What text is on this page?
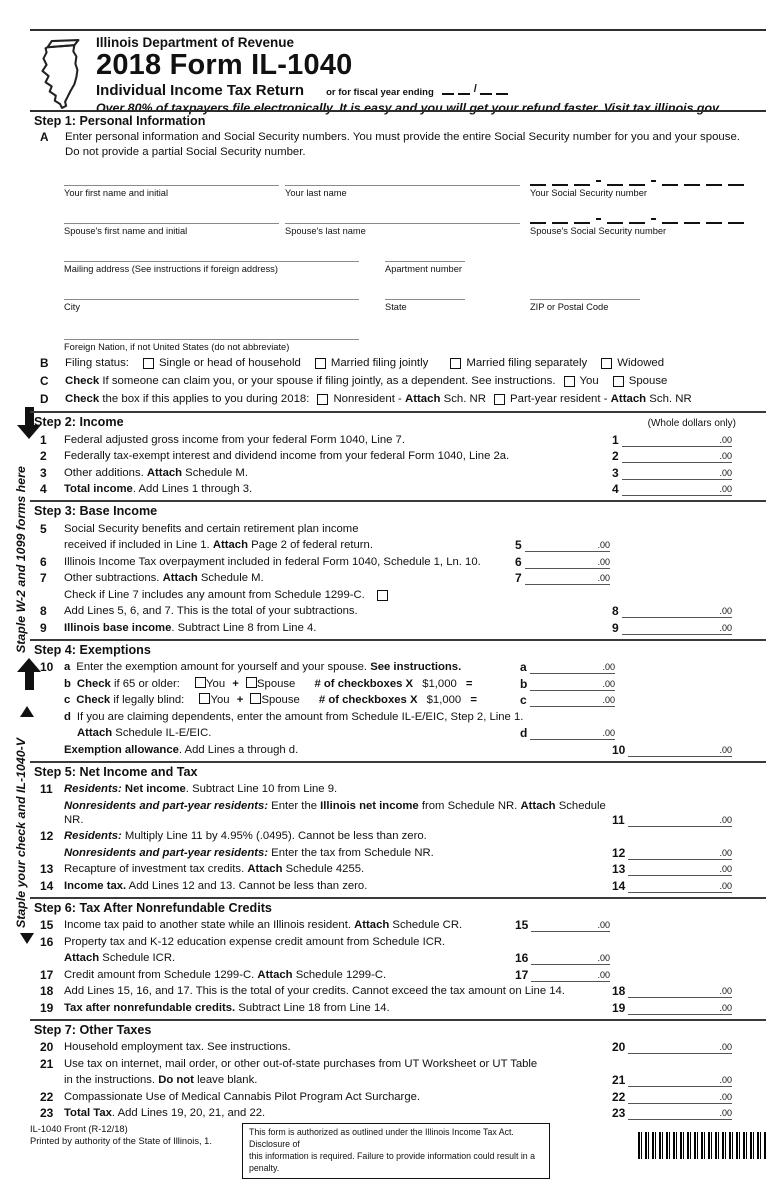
Illinois Department of Revenue
2018 Form IL-1040
Individual Income Tax Return or for fiscal year ending	/
Over 80% of taxpayers file electronically. It is easy and you will get your refund faster. Visit tax.illinois.gov.
Staple W-2 and 1099 forms here
Staple your check and IL-1040-V
Step 1: Personal Information
A	Enter personal information and Social Security numbers. You must provide the entire Social Security number for you and your spouse.
Do not provide a partial Social Security number.
Your first name and initial	Your last name	Your Social Security number
Spouse's first name and initial	Spouse's last name	Spouse's Social Security number
Mailing address (See instructions if foreign address)	Apartment number
City	State	ZIP or Postal Code
Foreign Nation, if not United States (do not abbreviate)
B	Filing status:	Single or head of household	Married filing jointly	Married filing separately	Widowed
C	Check If someone can claim you, or your spouse if filing jointly, as a dependent. See instructions. You	Spouse
D	Check the box if this applies to you during 2018: Nonresident - Attach Sch. NR Part-year resident - Attach Sch. NR
Step 2: Income	(Whole dollars only)
1	Federal adjusted gross income from your federal Form 1040, Line 7.	1	.00
2	Federally tax-exempt interest and dividend income from your federal Form 1040, Line 2a.	2	.00
3	Other additions. Attach Schedule M.	3	.00
4	Total income. Add Lines 1 through 3.	4	.00
Step 3: Base Income
5	Social Security benefits and certain retirement plan income
received if included in Line 1. Attach Page 2 of federal return.	5	.00
6	Illinois Income Tax overpayment included in federal Form 1040, Schedule 1, Ln. 10.	6	.00
7	Other subtractions. Attach Schedule M.	7	.00
Check if Line 7 includes any amount from Schedule 1299-C.
8	Add Lines 5, 6, and 7. This is the total of your subtractions.	8	.00
9	Illinois base income. Subtract Line 8 from Line 4.	9	.00
Step 4: Exemptions
10 a Enter the exemption amount for yourself and your spouse. See instructions.	a	.00
b Check if 65 or older: You + Spouse # of checkboxes X $1,000 =	b	.00
c Check if legally blind: You + Spouse # of checkboxes X $1,000 =	c	.00
d If you are claiming dependents, enter the amount from Schedule IL-E/EIC, Step 2, Line 1.
Attach Schedule IL-E/EIC.	d	.00
Exemption allowance. Add Lines a through d.	10	.00
Step 5: Net Income and Tax
11	Residents: Net income. Subtract Line 10 from Line 9.
Nonresidents and part-year residents: Enter the Illinois net income from Schedule NR. Attach Schedule NR.	11	.00
12 Residents: Multiply Line 11 by 4.95% (.0495). Cannot be less than zero.
Nonresidents and part-year residents: Enter the tax from Schedule NR.	12	.00
13 Recapture of investment tax credits. Attach Schedule 4255.	13	.00
14 Income tax. Add Lines 12 and 13. Cannot be less than zero.	14	.00
Step 6: Tax After Nonrefundable Credits
15 Income tax paid to another state while an Illinois resident. Attach Schedule CR.	15	.00
16 Property tax and K-12 education expense credit amount from Schedule ICR.
Attach Schedule ICR.	16	.00
17 Credit amount from Schedule 1299-C. Attach Schedule 1299-C.	17	.00
18 Add Lines 15, 16, and 17. This is the total of your credits. Cannot exceed the tax amount on Line 14.	18	.00
19 Tax after nonrefundable credits. Subtract Line 18 from Line 14.	19	.00
Step 7: Other Taxes
20 Household employment tax. See instructions.	20	.00
21 Use tax on internet, mail order, or other out-of-state purchases from UT Worksheet or UT Table
in the instructions. Do not leave blank.	21	.00
22 Compassionate Use of Medical Cannabis Pilot Program Act Surcharge.	22	.00
23 Total Tax. Add Lines 19, 20, 21, and 22.	23	.00
IL-1040 Front (R-12/18)
Printed by authority of the State of Illinois, 1.
This form is authorized as outlined under the Illinois Income Tax Act. Disclosure of
this information is required. Failure to provide information could result in a penalty.
